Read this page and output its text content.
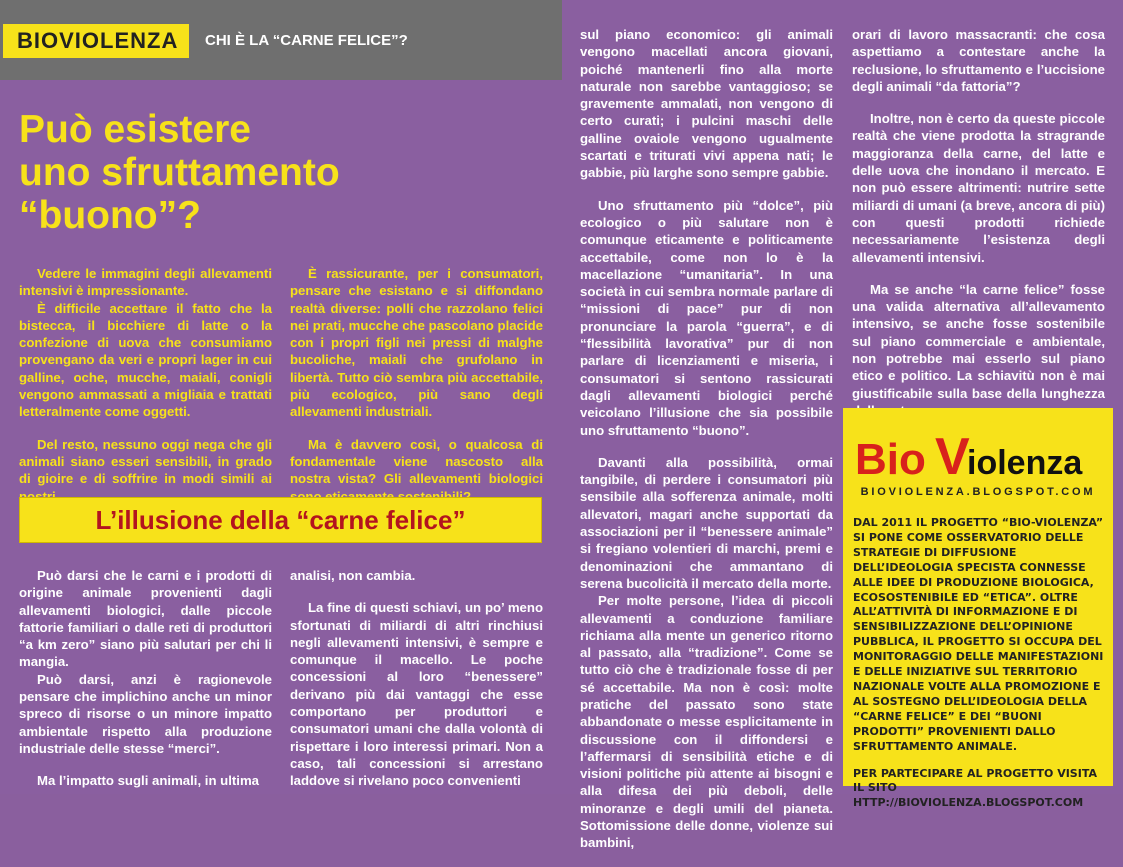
BIOVIOLENZA	CHI È LA “CARNE FELICE”?
Può esistere
uno sfruttamento
“buono”?

Vedere le immagini degli allevamenti intensivi è impressionante.

È difficile accettare il fatto che la bistecca, il bicchiere di latte o la confezione di uova che consumiamo provengano da veri e propri lager in cui galline, oche, mucche, maiali, conigli vengono ammassati a migliaia e trattati letteralmente come oggetti.

Del resto, nessuno oggi nega che gli animali siano esseri sensibili, in grado di gioire e di soffrire in modi simili ai

È rassicurante, per i consumatori, pensare che esistano e si diffondano realtà diverse: polli che razzolano felici nei prati, mucche che pascolano placide con i propri figli nei pressi di malghe bucoliche, maiali che grufolano in libertà. Tutto ciò sembra più accettabile, più ecologico, più sano degli allevamenti industriali.

Ma è davvero così, o qualcosa di fondamentale viene nascosto alla nostra vista? Gli allevamenti biologici

L’illusione della “carne felice”

Può darsi che le carni e i prodotti di origine animale provenienti dagli allevamenti biologici, dalle piccole fattorie familiari o dalle reti di produttori “a km zero” siano più salutari per chi li mangia.

Può darsi, anzi è ragionevole pensare che implichino anche un minor spreco di risorse o un minore impatto ambientale rispetto alla produzione industriale delle stesse “merci”.

Ma l’impatto sugli animali, in ultima

analisi, non cambia.

La fine di questi schiavi, un po’ meno sfortunati di miliardi di altri rinchiusi negli allevamenti intensivi, è sempre e comunque il macello. Le poche concessioni al loro “benessere” derivano più dai vantaggi che esse comportano per produttori e consumatori umani che dalla volontà di rispettare i loro interessi primari. Non a caso, tali concessioni si arrestano laddove si rivelano poco convenienti

sul piano economico: gli animali vengono macellati ancora giovani, poiché mantenerli fino alla morte naturale non sarebbe vantaggioso; se gravemente ammalati, non vengono di certo curati; i pulcini maschi delle galline ovaiole vengono ugualmente scartati e triturati vivi appena nati; le gabbie, più larghe sono sempre gabbie.

Uno sfruttamento più “dolce”, più ecologico o più salutare non è comunque eticamente e politicamente accettabile, come non lo è la macellazione “umanitaria”. In una società in cui sembra normale parlare di “missioni di pace” pur di non pronunciare la parola “guerra”, e di “flessibilità lavorativa” pur di non parlare di licenziamenti e miseria, i consumatori si sentono rassicurati dagli allevamenti biologici perché veicolano l’illusione che sia possibile uno sfruttamento “buono”.

Davanti alla possibilità, ormai tangibile, di perdere i consumatori più sensibile alla sofferenza animale, molti allevatori, magari anche supportati da associazioni per il “benessere animale” si fregiano volentieri di marchi, premi e denominazioni che ammantano di serena bucolicità il mercato della morte.

Per molte persone, l’idea di piccoli allevamenti a conduzione familiare richiama alla mente un generico ritorno al passato, alla “tradizione”. Come se tutto ciò che è tradizionale fosse di per sé accettabile. Ma non è così: molte pratiche del passato sono state abbandonate o messe esplicitamente in discussione con il diffondersi e l’affermarsi di sensibilità etiche e di visioni politiche più attente ai bisogni e alla difesa dei più deboli, delle minoranze e degli umili del pianeta. Sottomissione delle donne, violenze sui bambini,

orari di lavoro massacranti: che cosa aspettiamo a contestare anche la reclusione, lo sfruttamento e l’uccisione degli animali “da fattoria”?

Inoltre, non è certo da queste piccole realtà che viene prodotta la stragrande maggioranza della carne, del latte e delle uova che inondano il mercato. E non può essere altrimenti: nutrire sette miliardi di umani (a breve, ancora di più) con questi prodotti richiede necessariamente l’esistenza degli allevamenti intensivi.

Ma se anche “la carne felice” fosse una valida alternativa all’allevamento intensivo, se anche fosse sostenibile sul piano commerciale e ambientale, non potrebbe mai esserlo sul piano etico e politico. La schiavitù non è mai giustificabile sulla base della lunghezza

Bio V
iolenza
BIOVIOLENZA.BLOGSPOT.COM

DAL 2011 IL PROGETTO “BIO-VIOLENZA” SI PONE COME OSSERVATORIO DELLE STRATEGIE DI DIFFUSIONE DELL’IDEOLOGIA SPECISTA CONNESSE ALLE IDEE DI PRODUZIONE BIOLOGICA, ECOSOSTENIBILE ED “ETICA”. OLTRE ALL’ATTIVITÀ DI INFORMAZIONE E DI SENSIBILIZZAZIONE DELL’OPINIONE PUBBLICA, IL PROGETTO SI OCCUPA DEL MONITORAGGIO DELLE MANIFESTAZIONI E DELLE INIZIATIVE SUL TERRITORIO NAZIONALE VOLTE ALLA PROMOZIONE E AL SOSTEGNO DELL’IDEOLOGIA DELLA “CARNE FELICE” E DEI “BUONI PRODOTTI” PROVENIENTI DALLO SFRUTTAMENTO ANIMALE.

PER PARTECIPARE AL PROGETTO VISITA IL SITO HTTP://BIOVIOLENZA.BLOGSPOT.COM
